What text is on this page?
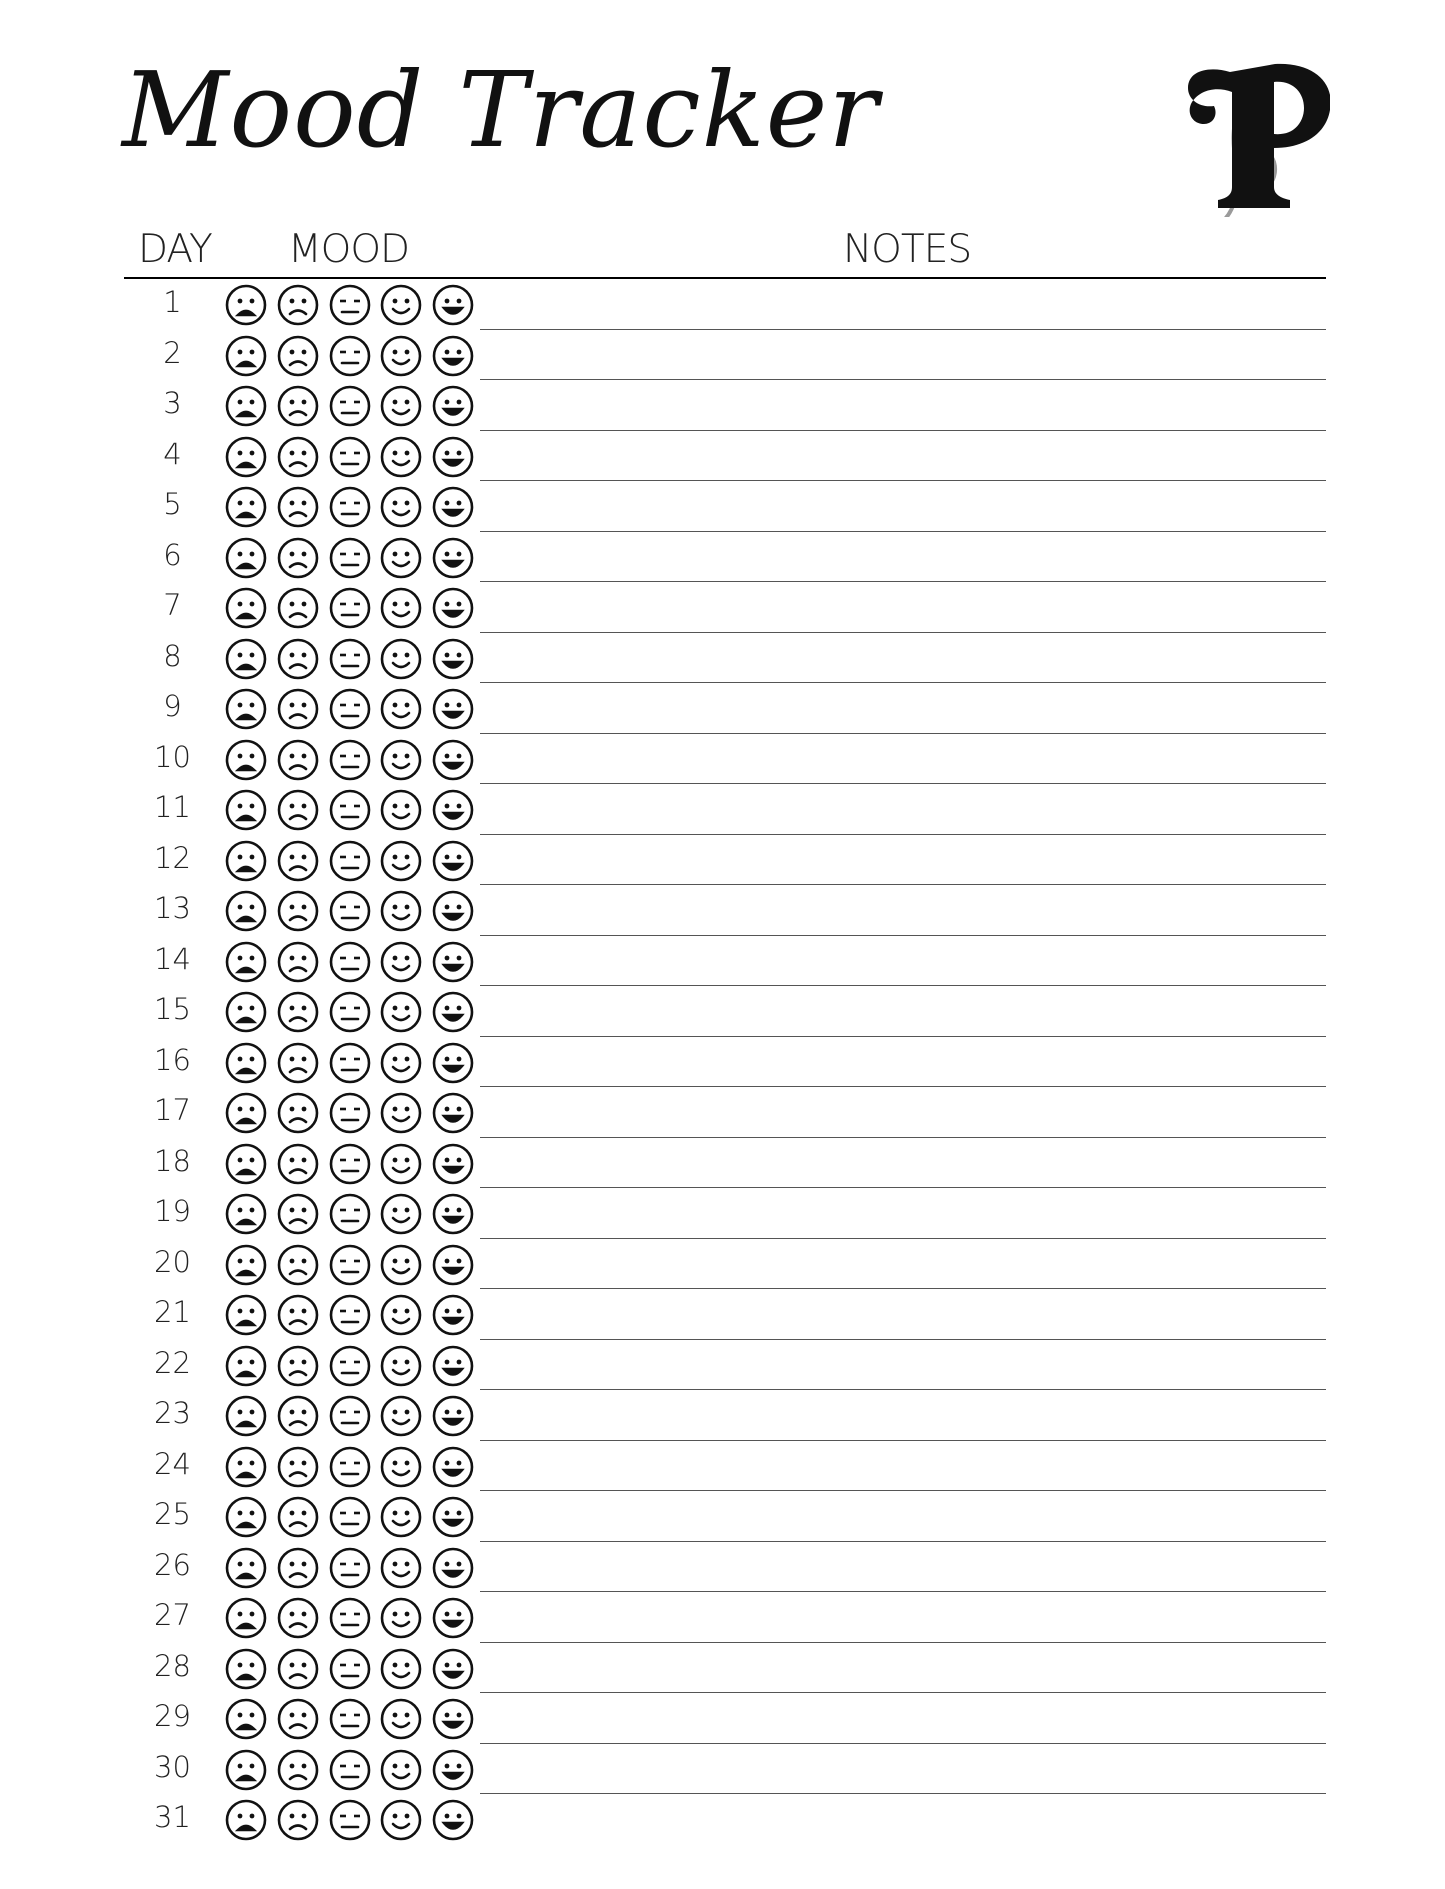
Mood Tracker
DAY MOOD	NOTES
1
2
3
4
5
6
7
8
9
10
11
12
13
14
15
16
17
18
19
20
21
22
23
24
25
26
27
28
29
30
31
